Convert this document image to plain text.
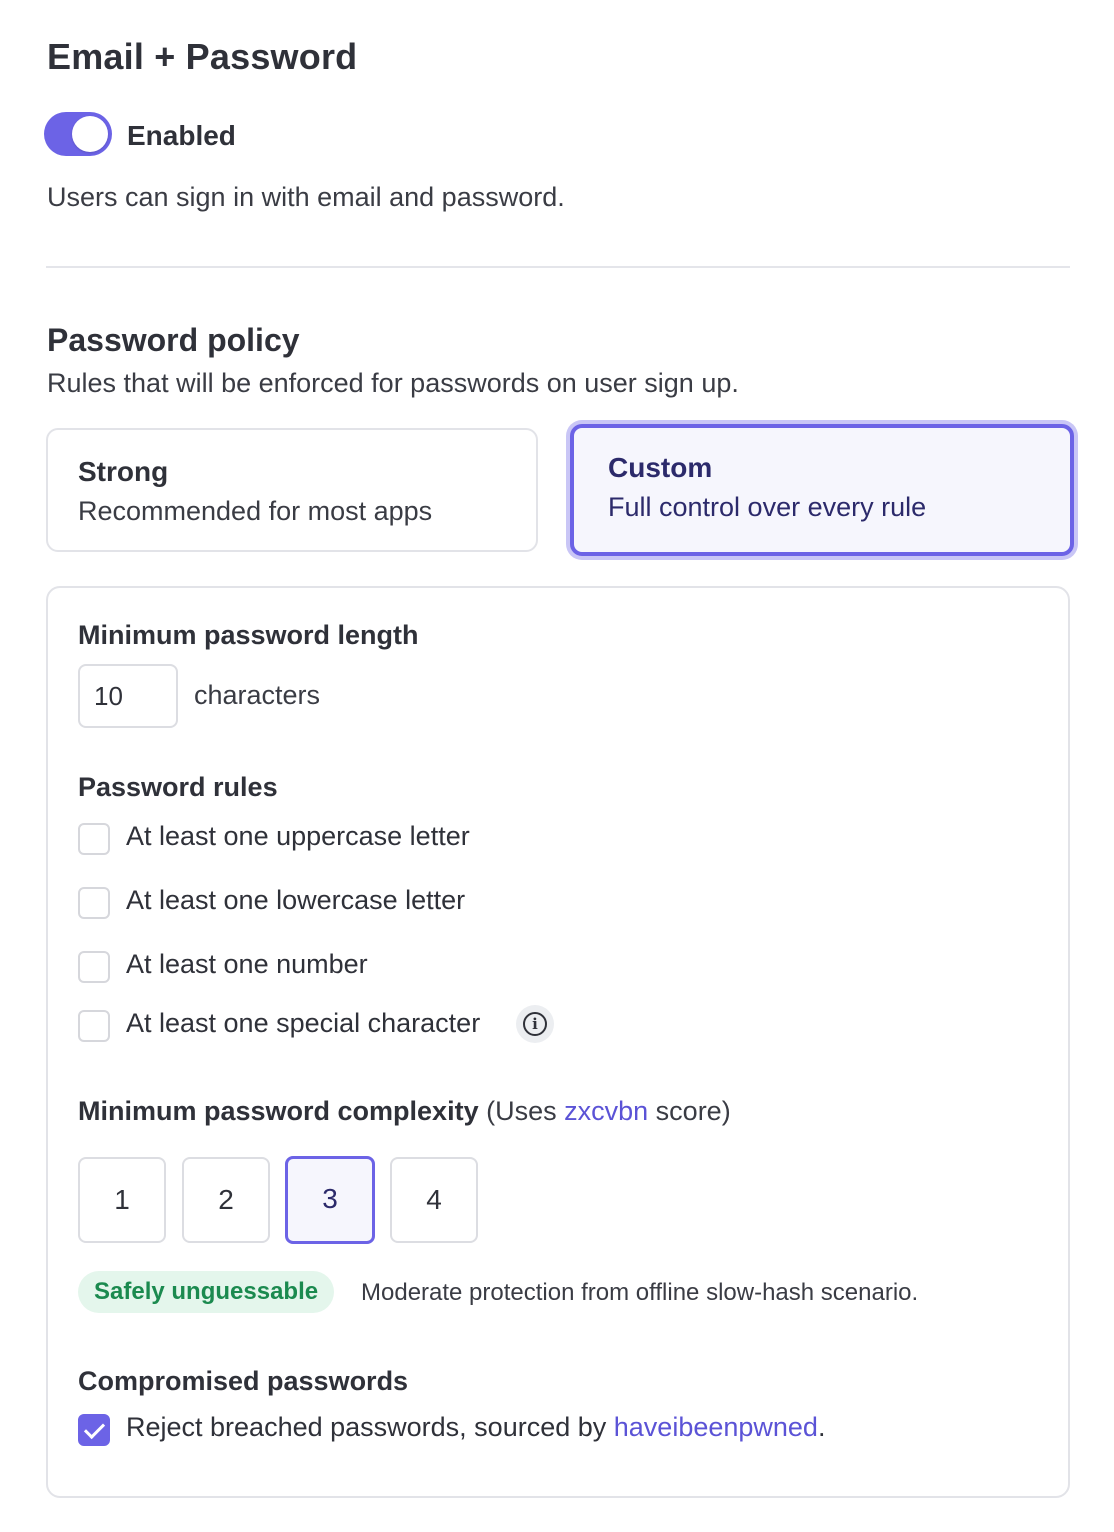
Email + Password
Enabled
Users can sign in with email and password.
Password policy
Rules that will be enforced for passwords on user sign up.
Strong
Recommended for most apps
Custom
Full control over every rule
Minimum password length
10	characters
Password rules
At least one uppercase letter
At least one lowercase letter
At least one number
At least one special character	i
Minimum password complexity (Uses zxcvbn score)
1	2	3	4
Safely unguessable	Moderate protection from offline slow-hash scenario.
Compromised passwords
Reject breached passwords, sourced by haveibeenpwned.
